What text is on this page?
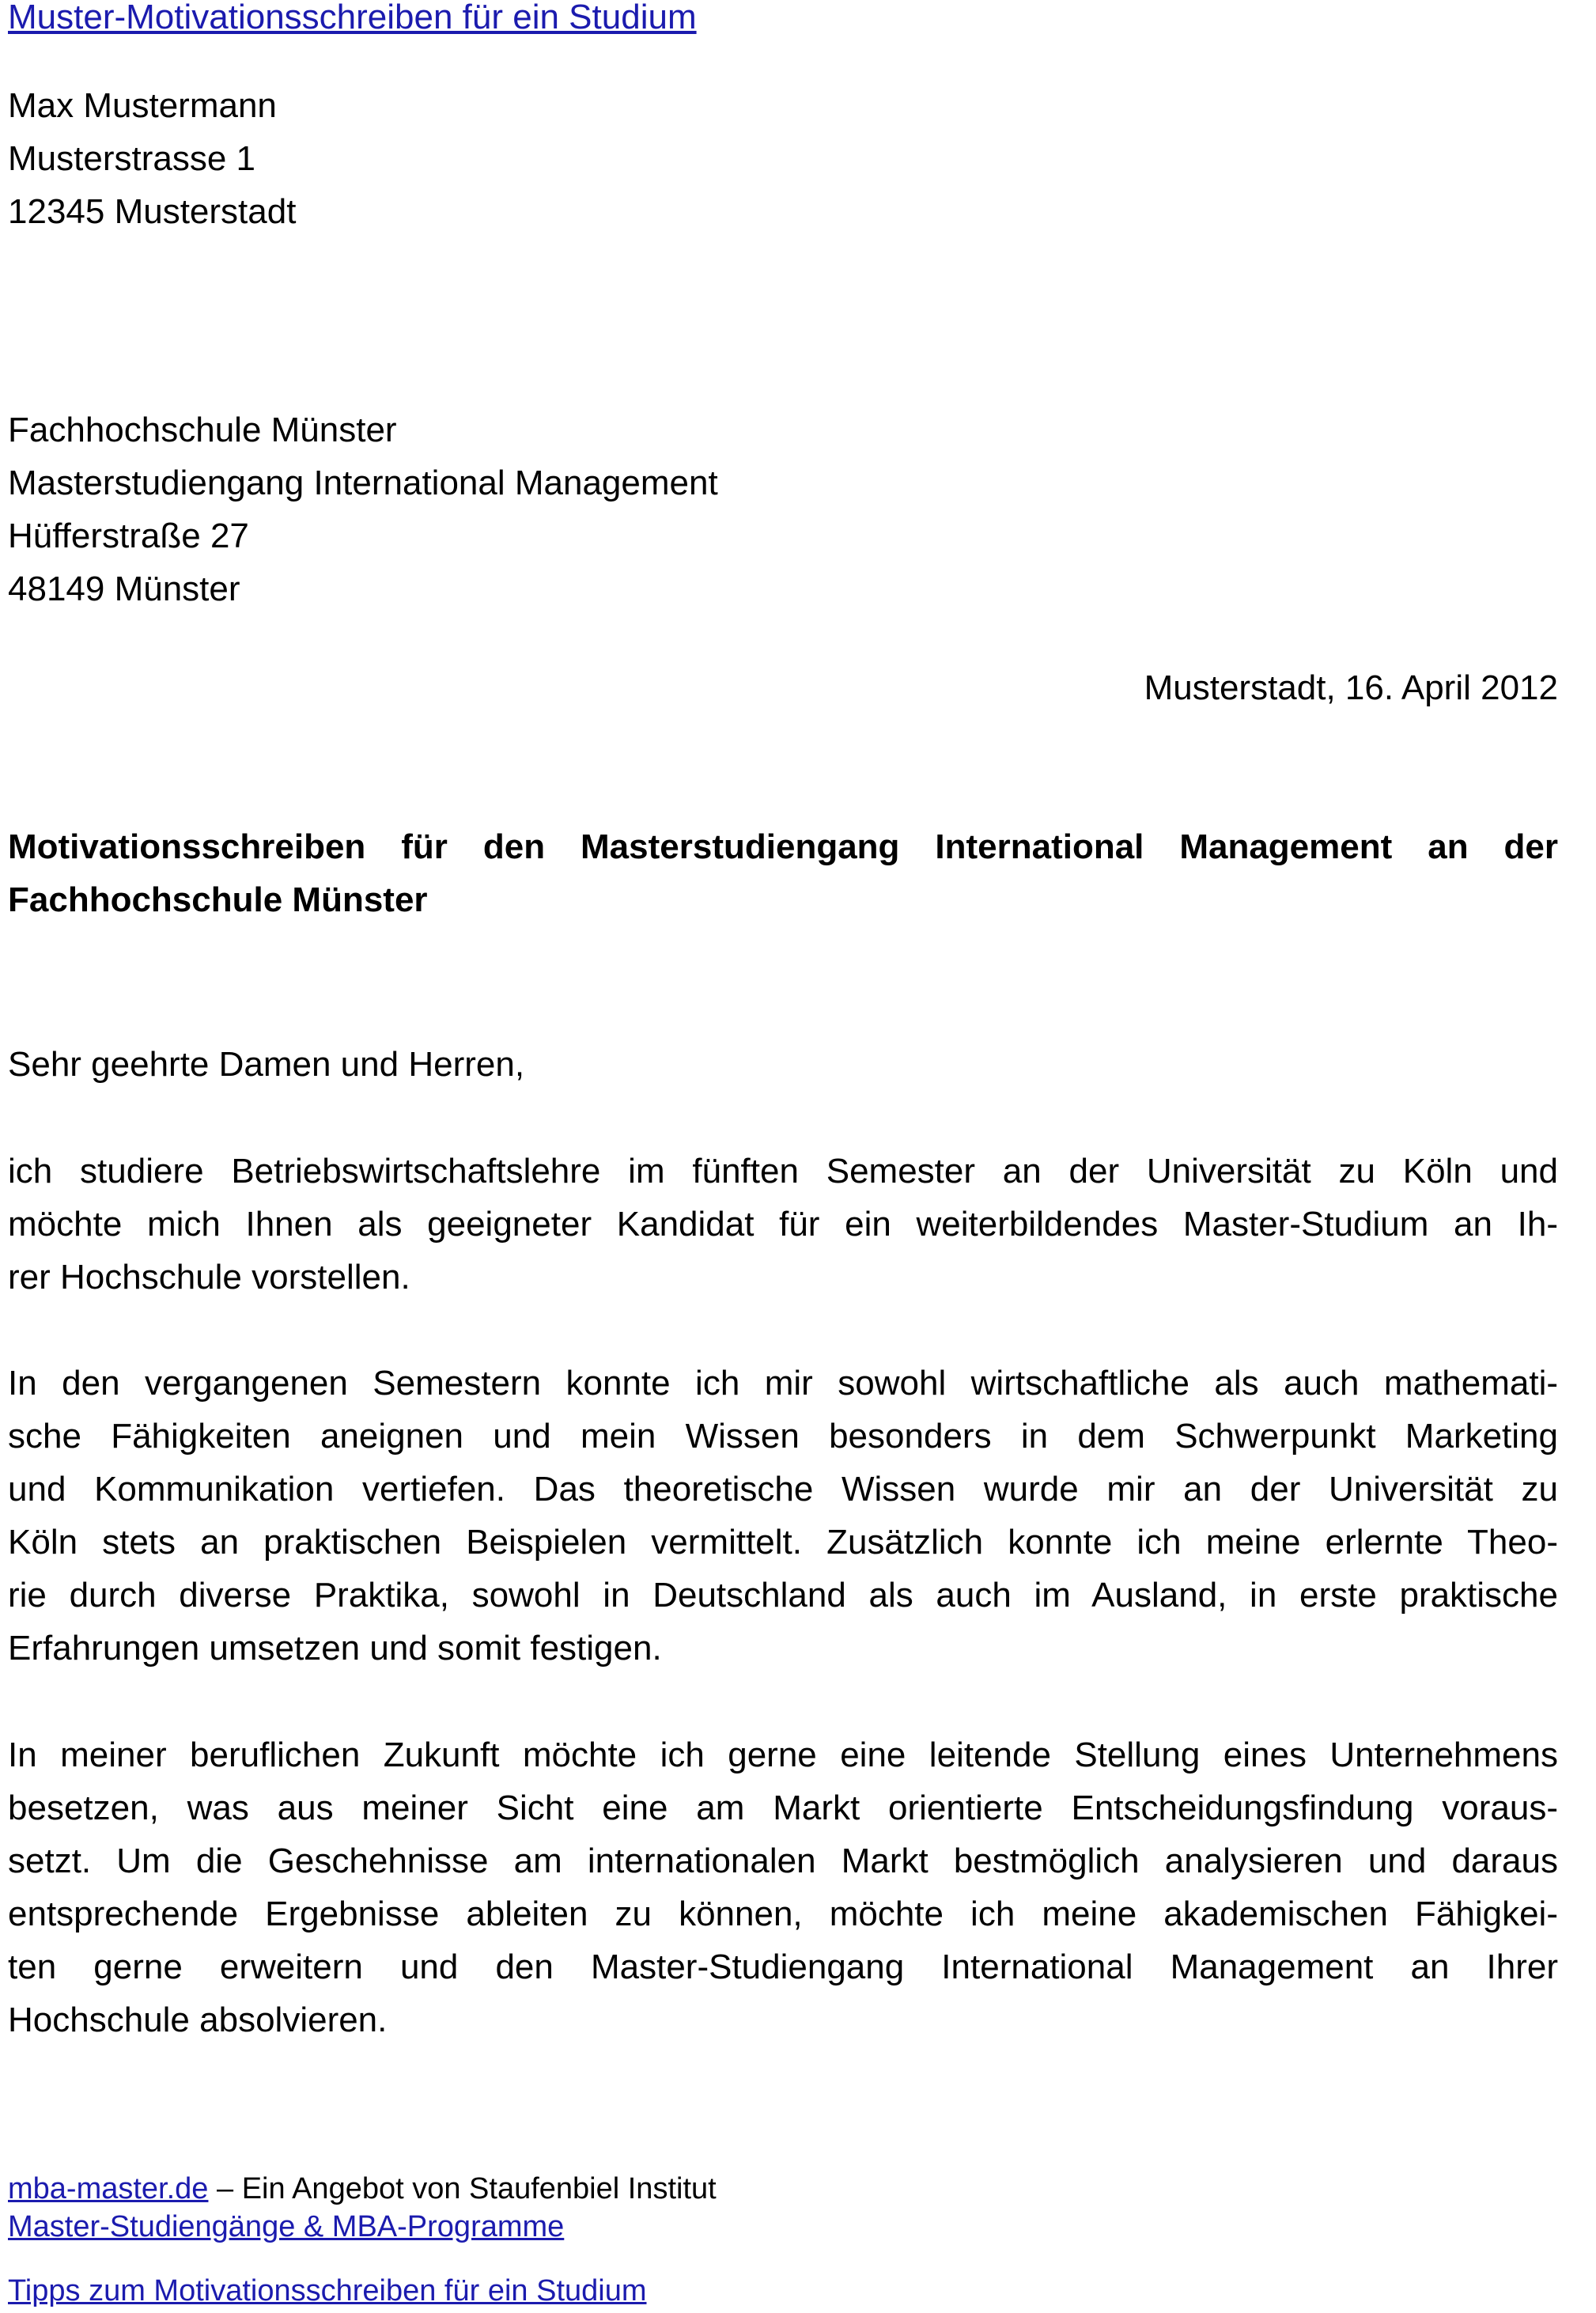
Muster-Motivationsschreiben für ein Studium
Max Mustermann
Musterstrasse 1
12345 Musterstadt
Fachhochschule Münster
Masterstudiengang International Management
Hüfferstraße 27
48149 Münster
Musterstadt, 16. April 2012
Motivationsschreiben für den Masterstudiengang International Management an der
Fachhochschule Münster
Sehr geehrte Damen und Herren,
ich studiere Betriebswirtschaftslehre im fünften Semester an der Universität zu Köln und
möchte mich Ihnen als geeigneter Kandidat für ein weiterbildendes Master-Studium an Ih-
rer Hochschule vorstellen.
In den vergangenen Semestern konnte ich mir sowohl wirtschaftliche als auch mathemati-
sche Fähigkeiten aneignen und mein Wissen besonders in dem Schwerpunkt Marketing
und Kommunikation vertiefen. Das theoretische Wissen wurde mir an der Universität zu
Köln stets an praktischen Beispielen vermittelt. Zusätzlich konnte ich meine erlernte Theo-
rie durch diverse Praktika, sowohl in Deutschland als auch im Ausland, in erste praktische
Erfahrungen umsetzen und somit festigen.
In meiner beruflichen Zukunft möchte ich gerne eine leitende Stellung eines Unternehmens
besetzen, was aus meiner Sicht eine am Markt orientierte Entscheidungsfindung voraus-
setzt. Um die Geschehnisse am internationalen Markt bestmöglich analysieren und daraus
entsprechende Ergebnisse ableiten zu können, möchte ich meine akademischen Fähigkei-
ten gerne erweitern und den Master-Studiengang International Management an Ihrer
Hochschule absolvieren.
mba-master.de – Ein Angebot von Staufenbiel Institut
Master-Studiengänge & MBA-Programme
Tipps zum Motivationsschreiben für ein Studium
